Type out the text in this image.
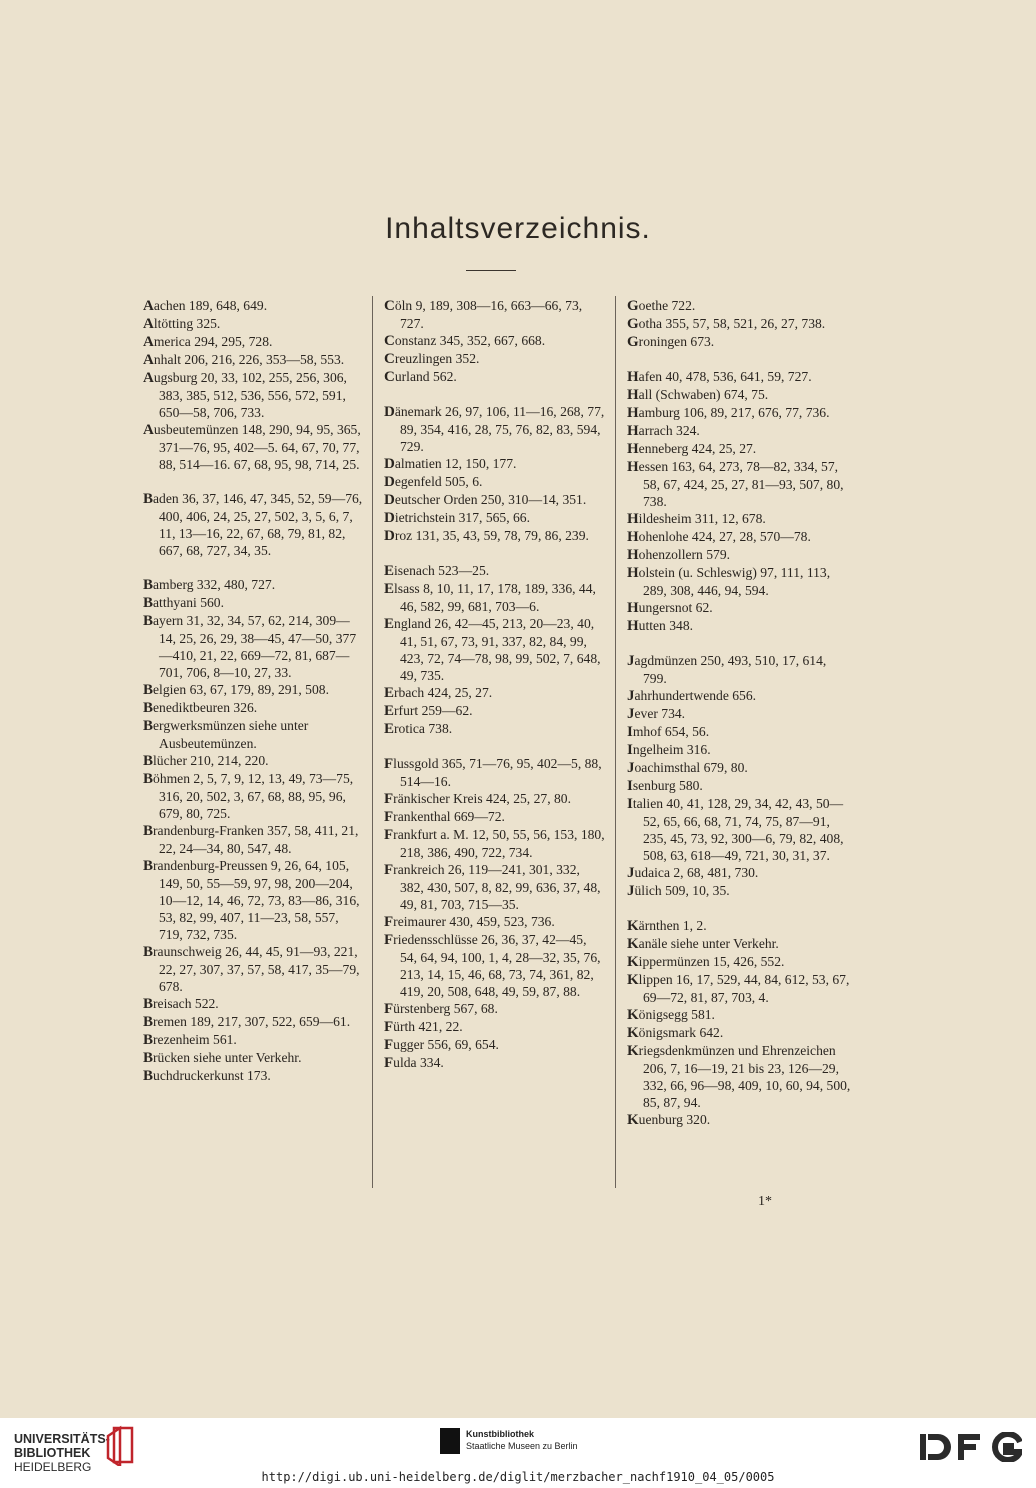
Inhaltsverzeichnis.
Aachen 189, 648, 649.
Altötting 325.
America 294, 295, 728.
Anhalt 206, 216, 226, 353—58, 553.
Augsburg 20, 33, 102, 255, 256, 306, 383, 385, 512, 536, 556, 572, 591, 650—58, 706, 733.
Ausbeutemünzen 148, 290, 94, 95, 365, 371—76, 95, 402—5. 64, 67, 70, 77, 88, 514—16. 67, 68, 95, 98, 714, 25.
Baden 36, 37, 146, 47, 345, 52, 59—76, 400, 406, 24, 25, 27, 502, 3, 5, 6, 7, 11, 13—16, 22, 67, 68, 79, 81, 82, 667, 68, 727, 34, 35.
Bamberg 332, 480, 727.
Batthyani 560.
Bayern 31, 32, 34, 57, 62, 214, 309—14, 25, 26, 29, 38—45, 47—50, 377—410, 21, 22, 669—72, 81, 687—701, 706, 8—10, 27, 33.
Belgien 63, 67, 179, 89, 291, 508.
Benediktbeuren 326.
Bergwerksmünzen siehe unter Ausbeutemünzen.
Blücher 210, 214, 220.
Böhmen 2, 5, 7, 9, 12, 13, 49, 73—75, 316, 20, 502, 3, 67, 68, 88, 95, 96, 679, 80, 725.
Brandenburg-Franken 357, 58, 411, 21, 22, 24—34, 80, 547, 48.
Brandenburg-Preussen 9, 26, 64, 105, 149, 50, 55—59, 97, 98, 200—204, 10—12, 14, 46, 72, 73, 83—86, 316, 53, 82, 99, 407, 11—23, 58, 557, 719, 732, 735.
Braunschweig 26, 44, 45, 91—93, 221, 22, 27, 307, 37, 57, 58, 417, 35—79, 678.
Breisach 522.
Bremen 189, 217, 307, 522, 659—61.
Brezenheim 561.
Brücken siehe unter Verkehr.
Buchdruckerkunst 173.
Cöln 9, 189, 308—16, 663—66, 73, 727.
Constanz 345, 352, 667, 668.
Creuzlingen 352.
Curland 562.
Dänemark 26, 97, 106, 11—16, 268, 77, 89, 354, 416, 28, 75, 76, 82, 83, 594, 729.
Dalmatien 12, 150, 177.
Degenfeld 505, 6.
Deutscher Orden 250, 310—14, 351.
Dietrichstein 317, 565, 66.
Droz 131, 35, 43, 59, 78, 79, 86, 239.
Eisenach 523—25.
Elsass 8, 10, 11, 17, 178, 189, 336, 44, 46, 582, 99, 681, 703—6.
England 26, 42—45, 213, 20—23, 40, 41, 51, 67, 73, 91, 337, 82, 84, 99, 423, 72, 74—78, 98, 99, 502, 7, 648, 49, 735.
Erbach 424, 25, 27.
Erfurt 259—62.
Erotica 738.
Flussgold 365, 71—76, 95, 402—5, 88, 514—16.
Fränkischer Kreis 424, 25, 27, 80.
Frankenthal 669—72.
Frankfurt a. M. 12, 50, 55, 56, 153, 180, 218, 386, 490, 722, 734.
Frankreich 26, 119—241, 301, 332, 382, 430, 507, 8, 82, 99, 636, 37, 48, 49, 81, 703, 715—35.
Freimaurer 430, 459, 523, 736.
Friedensschlüsse 26, 36, 37, 42—45, 54, 64, 94, 100, 1, 4, 28—32, 35, 76, 213, 14, 15, 46, 68, 73, 74, 361, 82, 419, 20, 508, 648, 49, 59, 87, 88.
Fürstenberg 567, 68.
Fürth 421, 22.
Fugger 556, 69, 654.
Fulda 334.
Goethe 722.
Gotha 355, 57, 58, 521, 26, 27, 738.
Groningen 673.
Hafen 40, 478, 536, 641, 59, 727.
Hall (Schwaben) 674, 75.
Hamburg 106, 89, 217, 676, 77, 736.
Harrach 324.
Henneberg 424, 25, 27.
Hessen 163, 64, 273, 78—82, 334, 57, 58, 67, 424, 25, 27, 81—93, 507, 80, 738.
Hildesheim 311, 12, 678.
Hohenlohe 424, 27, 28, 570—78.
Hohenzollern 579.
Holstein (u. Schleswig) 97, 111, 113, 289, 308, 446, 94, 594.
Hungersnot 62.
Hutten 348.
Jagdmünzen 250, 493, 510, 17, 614, 799.
Jahrhundertwende 656.
Jever 734.
Imhof 654, 56.
Ingelheim 316.
Joachimsthal 679, 80.
Isenburg 580.
Italien 40, 41, 128, 29, 34, 42, 43, 50—52, 65, 66, 68, 71, 74, 75, 87—91, 235, 45, 73, 92, 300—6, 79, 82, 408, 508, 63, 618—49, 721, 30, 31, 37.
Judaica 2, 68, 481, 730.
Jülich 509, 10, 35.
Kärnthen 1, 2.
Kanäle siehe unter Verkehr.
Kippermünzen 15, 426, 552.
Klippen 16, 17, 529, 44, 84, 612, 53, 67, 69—72, 81, 87, 703, 4.
Königsegg 581.
Königsmark 642.
Kriegsdenkmünzen und Ehrenzeichen 206, 7, 16—19, 21 bis 23, 126—29, 332, 66, 96—98, 409, 10, 60, 94, 500, 85, 87, 94.
Kuenburg 320.
1*
UNIVERSITÄTS-
BIBLIOTHEK
HEIDELBERG
Kunstbibliothek
Staatliche Museen zu Berlin
http://digi.ub.uni-heidelberg.de/diglit/merzbacher_nachf1910_04_05/0005
